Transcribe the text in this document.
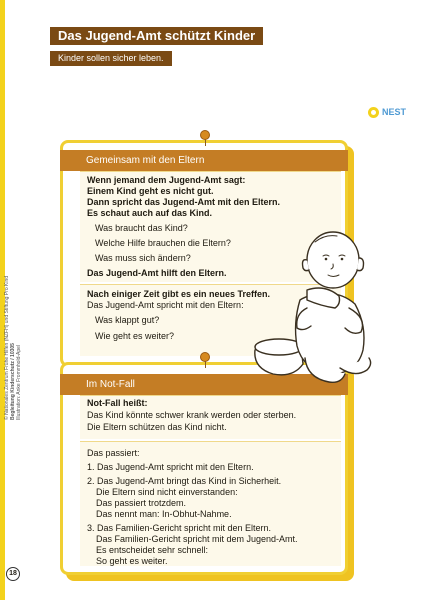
Das Jugend-Amt schützt Kinder
Kinder sollen sicher leben.
NEST
Gemeinsam mit den Eltern
Wenn jemand dem Jugend-Amt sagt:
Einem Kind geht es nicht gut.
Dann spricht das Jugend-Amt mit den Eltern.
Es schaut auch auf das Kind.
Was braucht das Kind?
Welche Hilfe brauchen die Eltern?
Was muss sich ändern?
Das Jugend-Amt hilft den Eltern.
Nach einiger Zeit gibt es ein neues Treffen.
Das Jugend-Amt spricht mit den Eltern:
Was klappt gut?
Wie geht es weiter?
Im Not-Fall
Not-Fall heißt:
Das Kind könnte schwer krank werden oder sterben.
Die Eltern schützen das Kind nicht.
Das passiert:
1. Das Jugend-Amt spricht mit den Eltern.
2. Das Jugend-Amt bringt das Kind in Sicherheit.
Die Eltern sind nicht einverstanden:
Das passiert trotzdem.
Das nennt man: In-Obhut-Nahme.
3. Das Familien-Gericht spricht mit den Eltern.
Das Familien-Gericht spricht mit dem Jugend-Amt.
Es entscheidet sehr schnell:
So geht es weiter.
© Nationales Zentrum Frühe Hilfen (NZFH) und Stiftung Pro Kind Begleitung Kinderschutz / 10305 Illustration: Anke Frommhold-Apel
18
